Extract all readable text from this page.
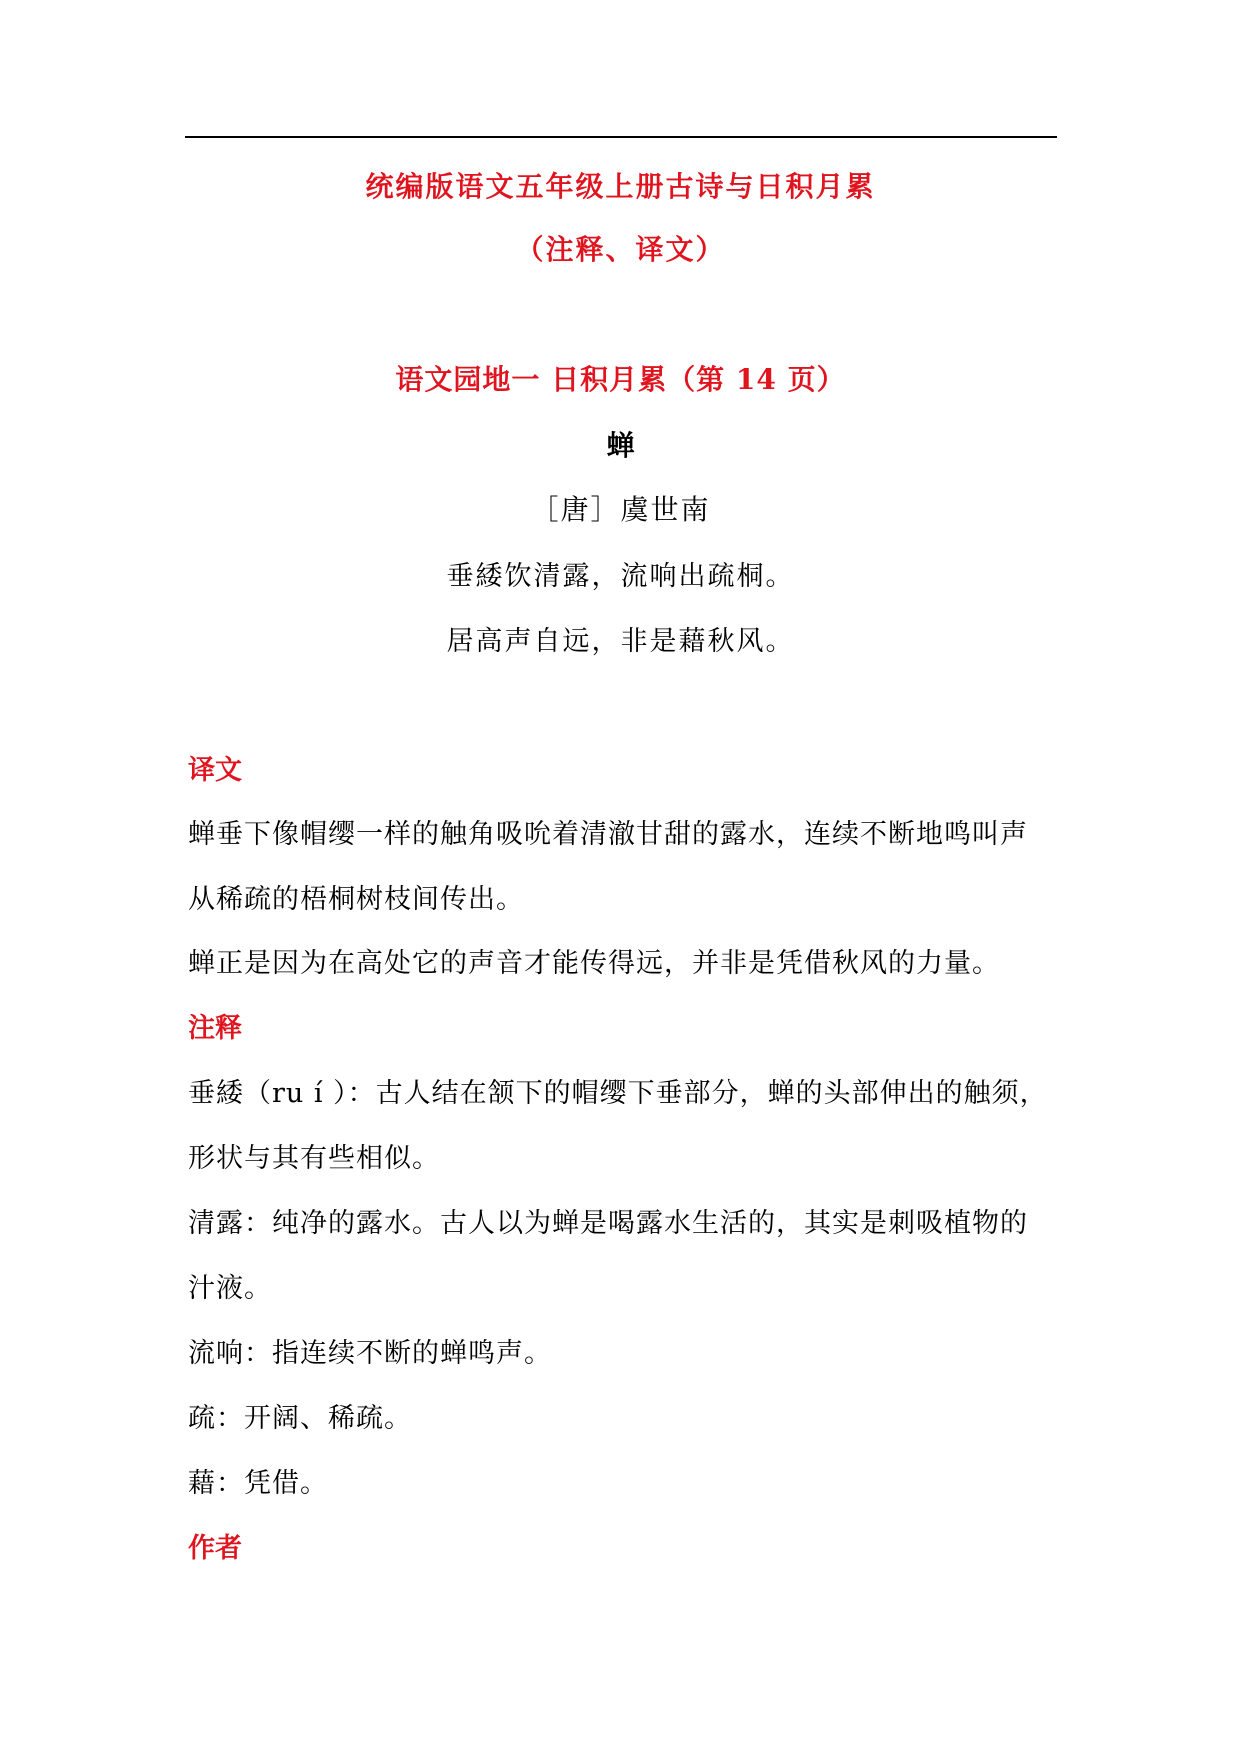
统编版语文五年级上册古诗与日积月累
（注释、译文）
语文园地一 日积月累（第 14 页）
蝉
［唐］虞世南
垂緌饮清露，流响出疏桐。
居高声自远，非是藉秋风。
译文
蝉垂下像帽缨一样的触角吸吮着清澈甘甜的露水，连续不断地鸣叫声
从稀疏的梧桐树枝间传出。
蝉正是因为在高处它的声音才能传得远，并非是凭借秋风的力量。
注释
垂緌（ru í ）：古人结在颔下的帽缨下垂部分，蝉的头部伸出的触须，
形状与其有些相似。
清露：纯净的露水。古人以为蝉是喝露水生活的，其实是刺吸植物的
汁液。
流响：指连续不断的蝉鸣声。
疏：开阔、稀疏。
藉：凭借。
作者
